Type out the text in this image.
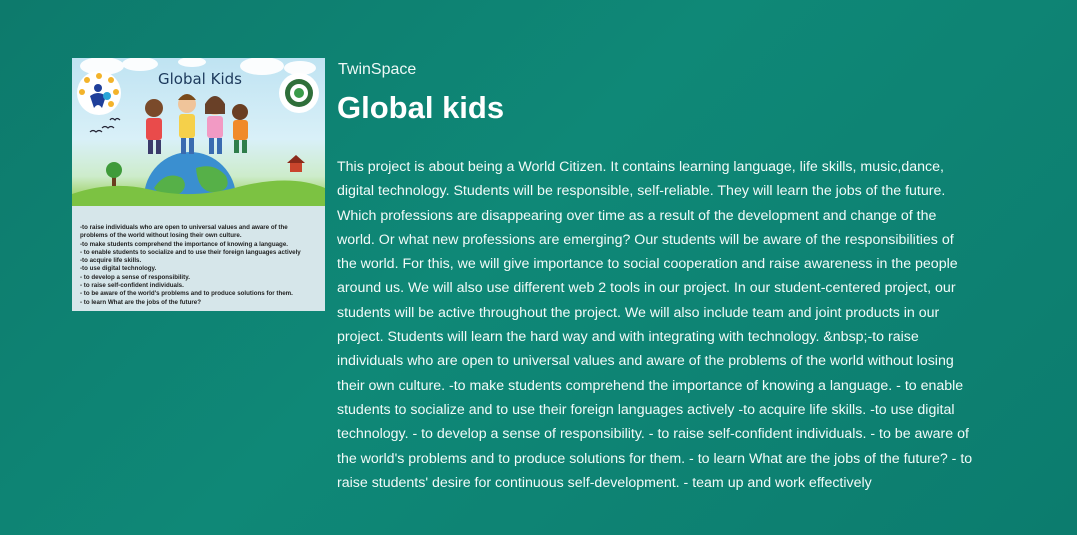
Global Kids
-to raise individuals who are open to universal values and aware of the
problems of the world without losing their own culture.
-to make students comprehend the importance of knowing a language.
- to enable students to socialize and to use their foreign languages actively
-to acquire life skills.
-to use digital technology.
- to develop a sense of responsibility.
- to raise self-confident individuals.
- to be aware of the world's problems and to produce solutions for them.
- to learn What are the jobs of the future?
TwinSpace
Global kids

This project is about being a World Citizen. It contains learning language, life skills, music,dance, digital technology. Students will be responsible, self-reliable. They will learn the jobs of the future. Which professions are disappearing over time as a result of the development and change of the world. Or what new professions are emerging? Our students will be aware of the responsibilities of the world. For this, we will give importance to social cooperation and raise awareness in the people around us. We will also use different web 2 tools in our project. In our student-centered project, our students will be active throughout the project. We will also include team and joint products in our project. Students will learn the hard way and with integrating with technology. &nbsp;-to raise individuals who are open to universal values and aware of the problems of the world without losing their own culture. -to make students comprehend the importance of knowing a language. - to enable students to socialize and to use their foreign languages actively -to acquire life skills. -to use digital technology. - to develop a sense of responsibility. - to raise self-confident individuals. - to be aware of the world's problems and to produce solutions for them. - to learn What are the jobs of the future? - to raise students' desire for continuous self-development. - team up and work effectively
